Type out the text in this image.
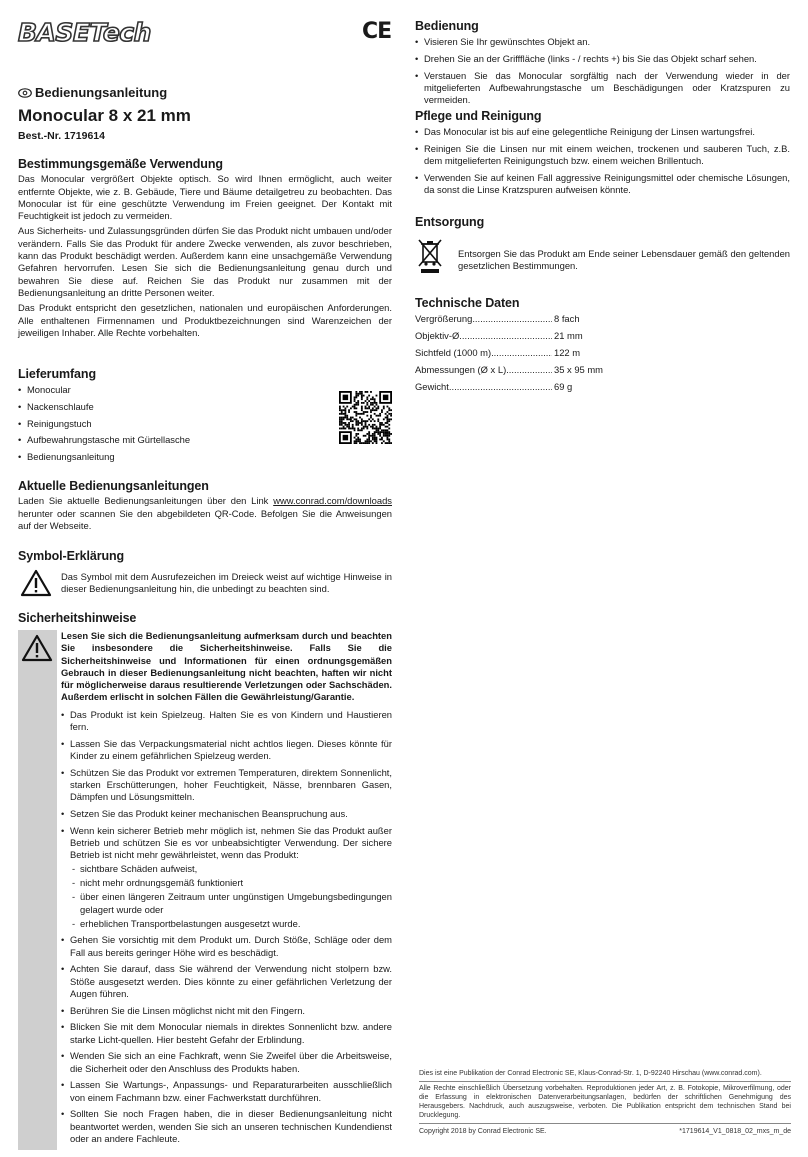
BASETech
Bedienungsanleitung
Monocular 8 x 21 mm
Best.-Nr. 1719614
Bestimmungsgemäße Verwendung

Das Monocular vergrößert Objekte optisch. So wird Ihnen ermöglicht, auch weiter entfernte Objekte, wie z. B. Gebäude, Tiere und Bäume detailgetreu zu beobachten. Das Monocular ist für eine geschützte Verwendung im Freien geeignet. Der Kontakt mit Feuchtigkeit ist jedoch zu vermeiden.

Aus Sicherheits- und Zulassungsgründen dürfen Sie das Produkt nicht umbauen und/oder verändern. Falls Sie das Produkt für andere Zwecke verwenden, als zuvor beschrieben, kann das Produkt beschädigt werden. Außerdem kann eine unsachgemäße Verwendung Gefahren hervorrufen. Lesen Sie sich die Bedienungsanleitung genau durch und bewahren Sie diese auf. Reichen Sie das Produkt nur zusammen mit der Bedienungsanleitung an dritte Personen weiter.

Das Produkt entspricht den gesetzlichen, nationalen und europäischen Anforderungen. Alle enthaltenen Firmennamen und Produktbezeichnungen sind Warenzeichen der jeweiligen Inhaber. Alle Rechte vorbehalten.

Lieferumfang
• Monocular
• Nackenschlaufe
• Reinigungstuch
• Aufbewahrungstasche mit Gürtellasche
• Bedienungsanleitung
Aktuelle Bedienungsanleitungen

Laden Sie aktuelle Bedienungsanleitungen über den Link www.conrad.com/downloads herunter oder scannen Sie den abgebildeten QR-Code. Befolgen Sie die Anweisungen auf der Webseite.

Symbol-Erklärung

Das Symbol mit dem Ausrufezeichen im Dreieck weist auf wichtige Hinweise in dieser Bedienungsanleitung hin, die unbedingt zu beachten sind.

Sicherheitshinweise

Lesen Sie sich die Bedienungsanleitung aufmerksam durch und beachten Sie insbesondere die Sicherheitshinweise. Falls Sie die Sicherheitshinweise und Informationen für einen ordnungsgemäßen Gebrauch in dieser Bedienungsanleitung nicht beachten, haften wir nicht für möglicherweise daraus resultierende Verletzungen oder Sachschäden. Außerdem erlischt in solchen Fällen die Gewährleistung/Garantie.

• Das Produkt ist kein Spielzeug. Halten Sie es von Kindern und Haustieren fern.
• Lassen Sie das Verpackungsmaterial nicht achtlos liegen. Dieses könnte für Kinder zu einem gefährlichen Spielzeug werden.
• Schützen Sie das Produkt vor extremen Temperaturen, direktem Sonnenlicht, starken Erschütterungen, hoher Feuchtigkeit, Nässe, brennbaren Gasen, Dämpfen und Lösungsmitteln.
• Setzen Sie das Produkt keiner mechanischen Beanspruchung aus.
• Wenn kein sicherer Betrieb mehr möglich ist, nehmen Sie das Produkt außer Betrieb und schützen Sie es vor unbeabsichtigter Verwendung. Der sichere Betrieb ist nicht mehr gewährleistet, wenn das Produkt:
- sichtbare Schäden aufweist,
- nicht mehr ordnungsgemäß funktioniert
- über einen längeren Zeitraum unter ungünstigen Umgebungsbedingungen gelagert wurde oder
- erheblichen Transportbelastungen ausgesetzt wurde.
• Gehen Sie vorsichtig mit dem Produkt um. Durch Stöße, Schläge oder dem Fall aus bereits geringer Höhe wird es beschädigt.
• Achten Sie darauf, dass Sie während der Verwendung nicht stolpern bzw. Stöße ausgesetzt werden. Dies könnte zu einer gefährlichen Verletzung der Augen führen.
• Berühren Sie die Linsen möglichst nicht mit den Fingern.
• Blicken Sie mit dem Monocular niemals in direktes Sonnenlicht bzw. andere starke Licht-quellen. Hier besteht Gefahr der Erblindung.
• Wenden Sie sich an eine Fachkraft, wenn Sie Zweifel über die Arbeitsweise, die Sicherheit oder den Anschluss des Produkts haben.
• Lassen Sie Wartungs-, Anpassungs- und Reparaturarbeiten ausschließlich von einem Fachmann bzw. einer Fachwerkstatt durchführen.
• Sollten Sie noch Fragen haben, die in dieser Bedienungsanleitung nicht beantwortet werden, wenden Sie sich an unseren technischen Kundendienst oder an andere Fachleute.
CE Bedienung
• Visieren Sie Ihr gewünschtes Objekt an.
• Drehen Sie an der Grifffläche (links - / rechts +) bis Sie das Objekt scharf sehen.
• Verstauen Sie das Monocular sorgfältig nach der Verwendung wieder in der mitgelieferten Aufbewahrungstasche um Beschädigungen oder Kratzspuren zu vermeiden.
Pflege und Reinigung
• Das Monocular ist bis auf eine gelegentliche Reinigung der Linsen wartungsfrei.
• Reinigen Sie die Linsen nur mit einem weichen, trockenen und sauberen Tuch, z.B. dem mitgelieferten Reinigungstuch bzw. einem weichen Brillentuch.
• Verwenden Sie auf keinen Fall aggressive Reinigungsmittel oder chemische Lösungen, da sonst die Linse Kratzspuren aufweisen könnte.
Entsorgung

Entsorgen Sie das Produkt am Ende seiner Lebensdauer gemäß den geltenden gesetzlichen Bestimmungen.

Technische Daten
Vergrößerung .....	8 fach
Objektiv-Ø .....	21 mm
Sichtfeld (1000 m) .....	122 m
Abmessungen (Ø x L) .....	35 x 95 mm
Gewicht .....	69 g
Dies ist eine Publikation der Conrad Electronic SE, Klaus-Conrad-Str. 1, D-92240 Hirschau (www.conrad.com).
Alle Rechte einschließlich Übersetzung vorbehalten. Reproduktionen jeder Art, z. B. Fotokopie, Mikroverfilmung, oder die Erfassung in elektronischen Datenverarbeitungsanlagen, bedürfen der schriftlichen Genehmigung des Herausgebers. Nachdruck, auch auszugsweise, verboten. Die Publikation entspricht dem technischen Stand bei Drucklegung.
Copyright 2018 by Conrad Electronic SE.	*1719614_V1_0818_02_mxs_m_de
